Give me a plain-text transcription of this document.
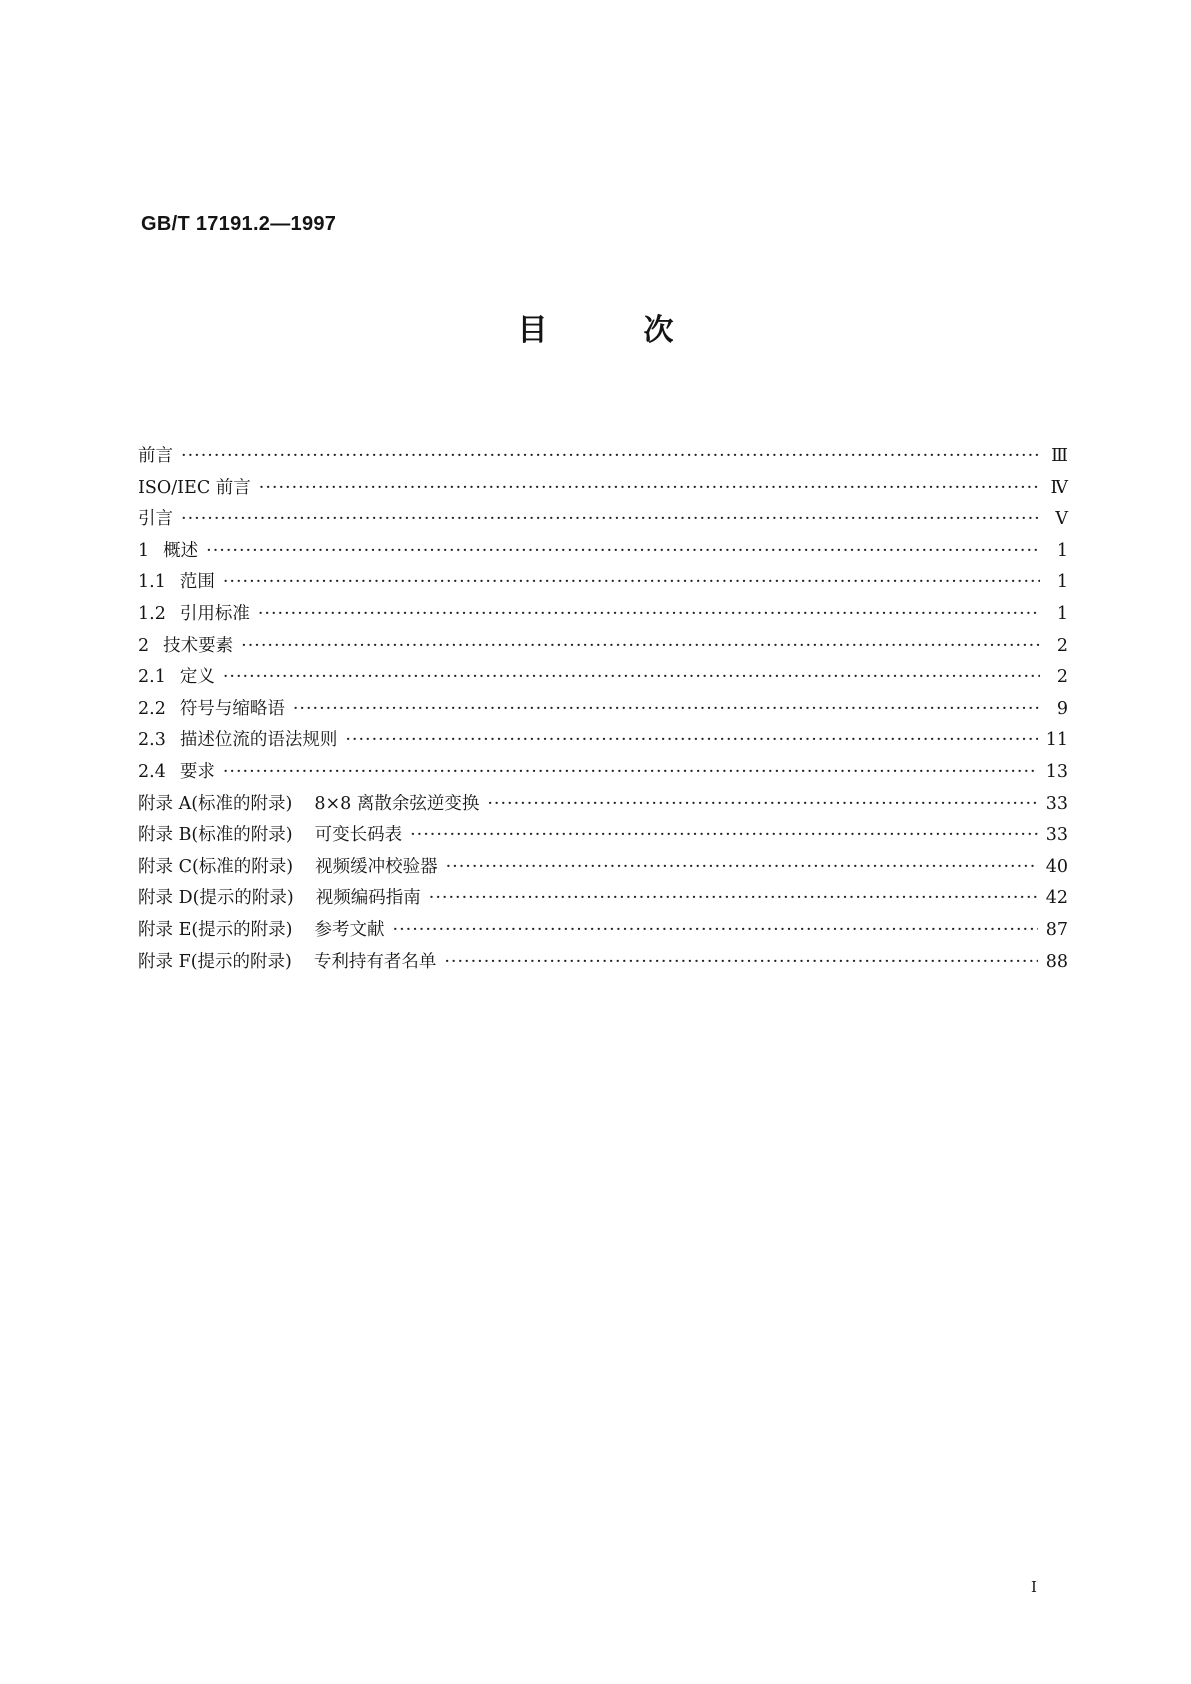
GB/T 17191.2—1997
目次
前言 ·····	Ⅲ
ISO/IEC 前言 ·····	Ⅳ
引言 ·····	Ⅴ
1 概述 ·····	1
1.1 范围 ·····	1
1.2 引用标准 ·····	1
2 技术要素 ·····	2
2.1 定义 ·····	2
2.2 符号与缩略语 ·····	9
2.3 描述位流的语法规则 ·····	11
2.4 要求 ·····	13
附录 A(标准的附录) 8×8 离散余弦逆变换 ·····	33
附录 B(标准的附录) 可变长码表 ·····	33
附录 C(标准的附录) 视频缓冲校验器 ·····	40
附录 D(提示的附录) 视频编码指南 ·····	42
附录 E(提示的附录) 参考文献 ·····	87
附录 F(提示的附录) 专利持有者名单 ·····	88
I
